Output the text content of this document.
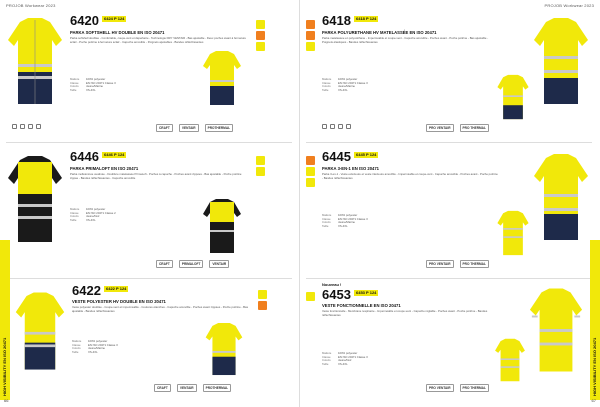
PROJOB Workwear 2023
6420	6424 P 124
PARKA SOFTSHELL HV DOUBLE EN ISO 20471
Parka softshell doublée - Confortable, coupe-vent et déperlante - Technologie DRY VENTAIR - Bas ajustable - Deux poches avant à fermeture éclair - Poche poitrine à fermeture éclair - Capuche amovible - Poignets ajustables - Bandes réfléchissantes
Matière 100% polyester
Classe	EN ISO 20471 Classe 3
Coloris	Jaune/Marine
Taille	XS-4XL
CRAFT	VENTAIR	PROTHERMAL
6446	6446 P 124
PARKA PRIMALOFT EN ISO 20471
Parka molletonnée ouatinée - Doublure matelassée PrimaLoft - Poches à capuche - Poches avant zippées - Bas ajustable - Poche poitrine zippée - Bandes réfléchissantes - Capuche amovible
Matière 100% polyester
Classe	EN ISO 20471 Classe 2
Coloris	Jaune/Noir
Taille	XS-4XL
CRAFT	PRIMALOFT	VENTAIR
6422	6422 P 124
VESTE POLYESTER HV DOUBLE EN ISO 20471
Veste polyester doublée - Coupe-vent et imperméable - Coutures étanches - Capuche amovible - Poches avant zippées - Poche poitrine - Bas ajustable - Bandes réfléchissantes
Matière 100% polyester
Classe	EN ISO 20471 Classe 3
Coloris	Jaune/Marine
Taille	XS-4XL
CRAFT	VENTAIR	PROTHERMAL
HIGH VISIBILITY EN ISO 20471
66
PROJOB Workwear 2023
6418	6418 P 124
PARKA POLYURETHANE HV MATELASSÉE EN ISO 20471
Parka matelassée en polyuréthane - Imperméable et coupe-vent - Capuche amovible - Poches avant - Poche poitrine - Bas ajustable - Poignets élastiqués - Bandes réfléchissantes
Matière 100% polyester
Classe	EN ISO 20471 Classe 3
Coloris	Jaune/Marine
Taille	XS-4XL
PRO VENTAIR	PRO THERMAL
6445	6445 P 124
PARKA 3-EN-1 EN ISO 20471
Parka 3-en-1 - Veste extérieure et veste intérieure amovible - Imperméable et coupe-vent - Capuche amovible - Poches avant - Poche poitrine - Bandes réfléchissantes
Matière 100% polyester
Classe	EN ISO 20471 Classe 3
Coloris	Jaune/Marine
Taille	XS-4XL
PRO VENTAIR	PRO THERMAL
Nouveau !
6453	6453 P 124
VESTE FONCTIONNELLE EN ISO 20471
Veste fonctionnelle - Membrane respirante - Imperméable et coupe-vent - Capuche réglable - Poches avant - Poche poitrine - Bandes réfléchissantes
Matière 100% polyester
Classe	EN ISO 20471 Classe 3
Coloris	Jaune/Noir
Taille	XS-4XL
PRO VENTAIR	PRO THERMAL	HIGH VISIBILITY EN ISO 20471
67
